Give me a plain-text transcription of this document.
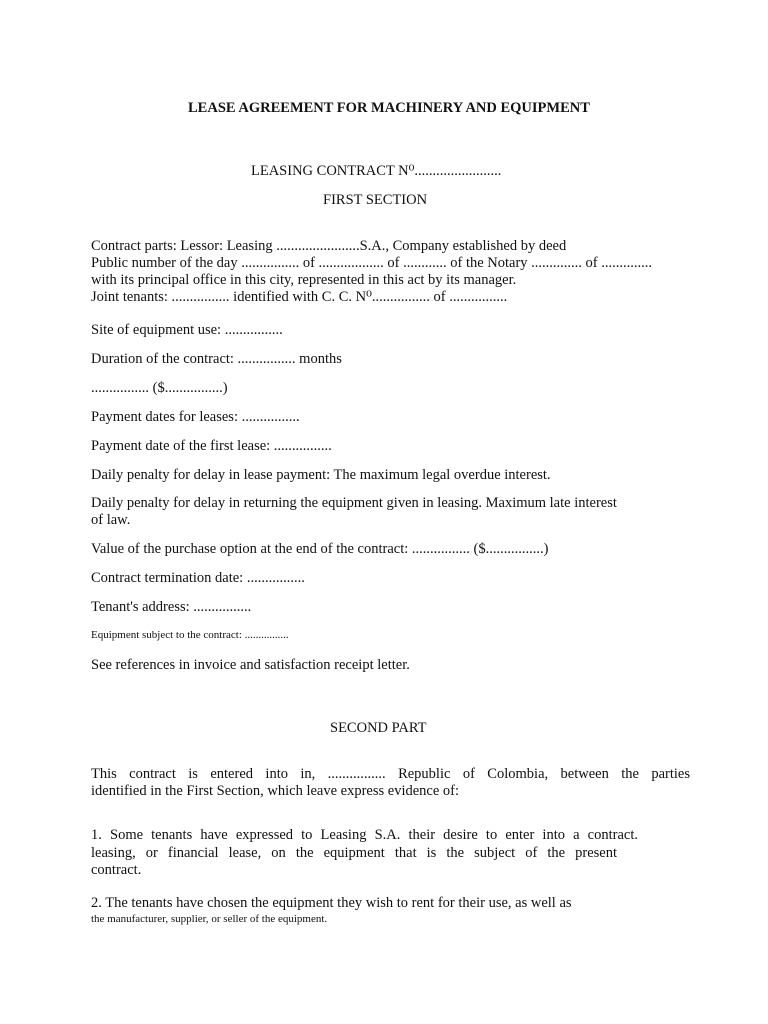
LEASE AGREEMENT FOR MACHINERY AND EQUIPMENT
LEASING CONTRACT N⁰........................
FIRST SECTION
Contract parts: Lessor: Leasing .......................S.A., Company established by deed
Public number of the day ................ of .................. of ............ of the Notary .............. of ..............
with its principal office in this city, represented in this act by its manager.
Joint tenants: ................ identified with C. C. N⁰................ of ................
Site of equipment use: ................
Duration of the contract: ................ months
................ ($................)
Payment dates for leases: ................
Payment date of the first lease: ................
Daily penalty for delay in lease payment: The maximum legal overdue interest.
Daily penalty for delay in returning the equipment given in leasing. Maximum late interest
of law.
Value of the purchase option at the end of the contract: ................ ($................)
Contract termination date: ................
Tenant's address: ................
Equipment subject to the contract: ................
See references in invoice and satisfaction receipt letter.
SECOND PART
This contract is entered into in, ................ Republic of Colombia, between the parties
identified in the First Section, which leave express evidence of:
1. Some tenants have expressed to Leasing S.A. their desire to enter into a contract.
leasing, or financial lease, on the equipment that is the subject of the present
contract.
2. The tenants have chosen the equipment they wish to rent for their use, as well as
the manufacturer, supplier, or seller of the equipment.
